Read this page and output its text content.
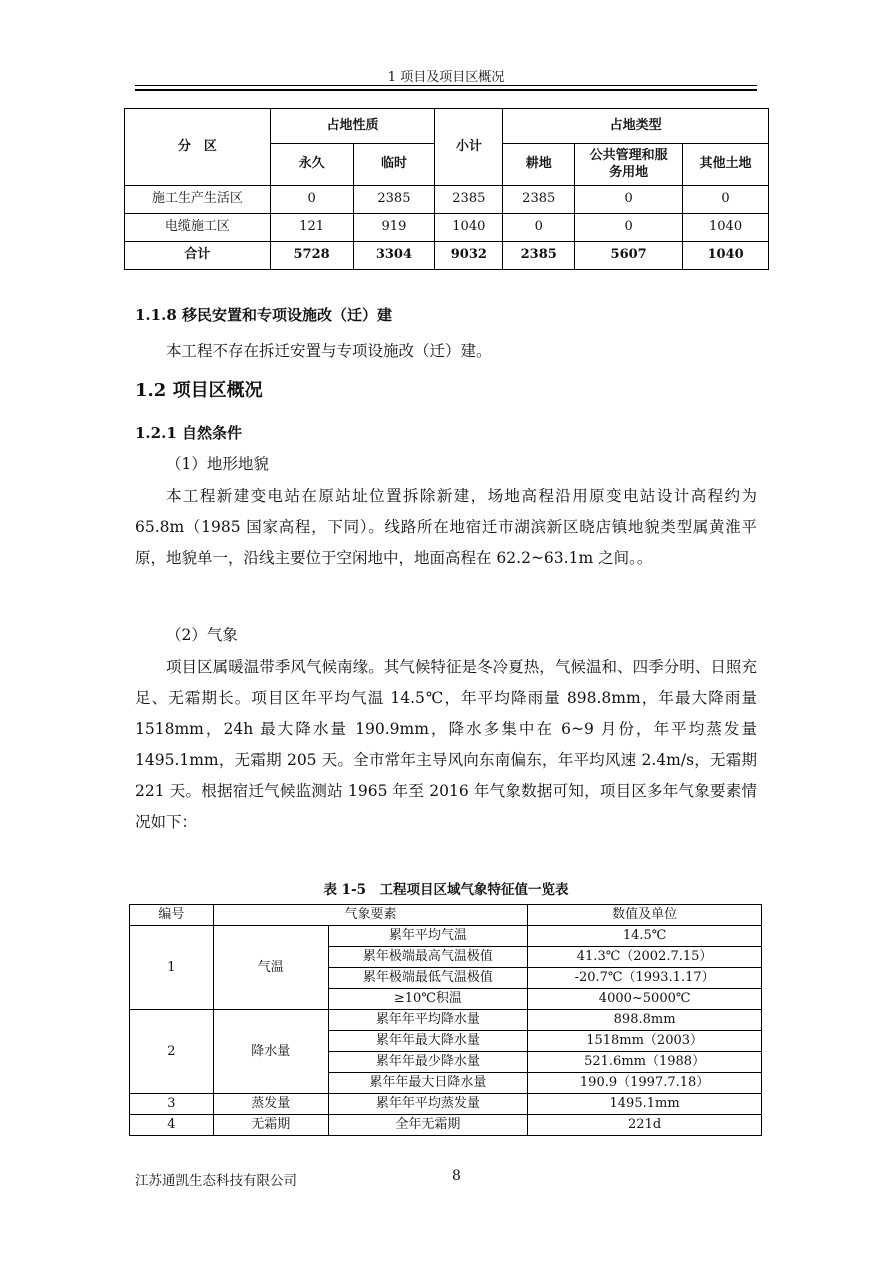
1 项目及项目区概况
分　区	占地性质		小计	占地类型		
	永久	临时		耕地	公共管理和服务用地	其他土地
施工生产生活区	0	2385	2385	2385	0	0
电缆施工区	121	919	1040	0	0	1040
合计	5728	3304	9032	2385	5607	1040
1.1.8 移民安置和专项设施改（迁）建
本工程不存在拆迁安置与专项设施改（迁）建。
1.2 项目区概况
1.2.1 自然条件
（1）地形地貌
本工程新建变电站在原站址位置拆除新建，场地高程沿用原变电站设计高程约为 65.8m（1985 国家高程，下同）。线路所在地宿迁市湖滨新区晓店镇地貌类型属黄淮平原，地貌单一，沿线主要位于空闲地中，地面高程在 62.2~63.1m 之间。。
（2）气象
项目区属暖温带季风气候南缘。其气候特征是冬冷夏热，气候温和、四季分明、日照充足、无霜期长。项目区年平均气温 14.5℃，年平均降雨量 898.8mm，年最大降雨量 1518mm，24h 最大降水量 190.9mm，降水多集中在 6~9 月份，年平均蒸发量 1495.1mm，无霜期 205 天。全市常年主导风向东南偏东，年平均风速 2.4m/s，无霜期 221 天。根据宿迁气候监测站 1965 年至 2016 年气象数据可知，项目区多年气象要素情况如下：
表 1-5　工程项目区域气象特征值一览表
编号	气象要素		数值及单位
1	气温	累年平均气温	14.5℃
		累年极端最高气温极值	41.3℃（2002.7.15）
		累年极端最低气温极值	-20.7℃（1993.1.17）
		≥10℃积温	4000~5000℃
2	降水量	累年年平均降水量	898.8mm
		累年年最大降水量	1518mm（2003）
		累年年最少降水量	521.6mm（1988）
		累年年最大日降水量	190.9（1997.7.18）
3	蒸发量	累年年平均蒸发量	1495.1mm
4	无霜期	全年无霜期	221d
江苏通凯生态科技有限公司	8
